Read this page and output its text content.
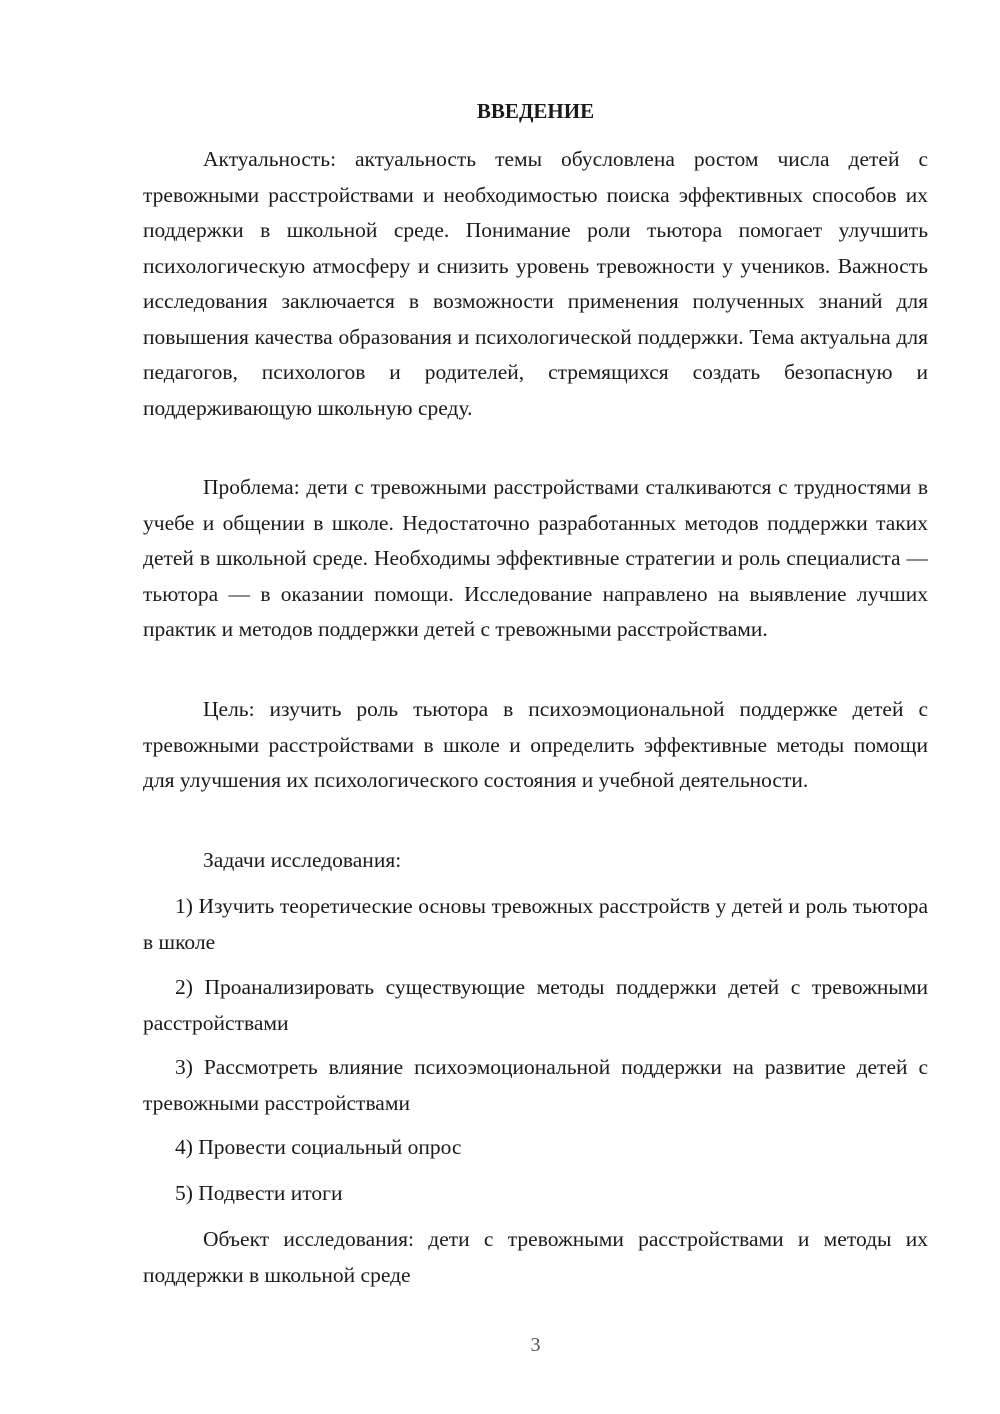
ВВЕДЕНИЕ

Актуальность: актуальность темы обусловлена ростом числа детей с тревожными расстройствами и необходимостью поиска эффективных способов их поддержки в школьной среде. Понимание роли тьютора помогает улучшить психологическую атмосферу и снизить уровень тревожности у учеников. Важность исследования заключается в возможности применения полученных знаний для повышения качества образования и психологической поддержки. Тема актуальна для педагогов, психологов и родителей, стремящихся создать безопасную и поддерживающую школьную среду.

Проблема: дети с тревожными расстройствами сталкиваются с трудностями в учебе и общении в школе. Недостаточно разработанных методов поддержки таких детей в школьной среде. Необходимы эффективные стратегии и роль специалиста — тьютора — в оказании помощи. Исследование направлено на выявление лучших практик и методов поддержки детей с тревожными расстройствами.

Цель: изучить роль тьютора в психоэмоциональной поддержке детей с тревожными расстройствами в школе и определить эффективные методы помощи для улучшения их психологического состояния и учебной деятельности.

Задачи исследования:

1) Изучить теоретические основы тревожных расстройств у детей и роль тьютора в школе

2) Проанализировать существующие методы поддержки детей с тревожными расстройствами

3) Рассмотреть влияние психоэмоциональной поддержки на развитие детей с тревожными расстройствами

4) Провести социальный опрос

5) Подвести итоги

Объект исследования: дети с тревожными расстройствами и методы их поддержки в школьной среде

3
